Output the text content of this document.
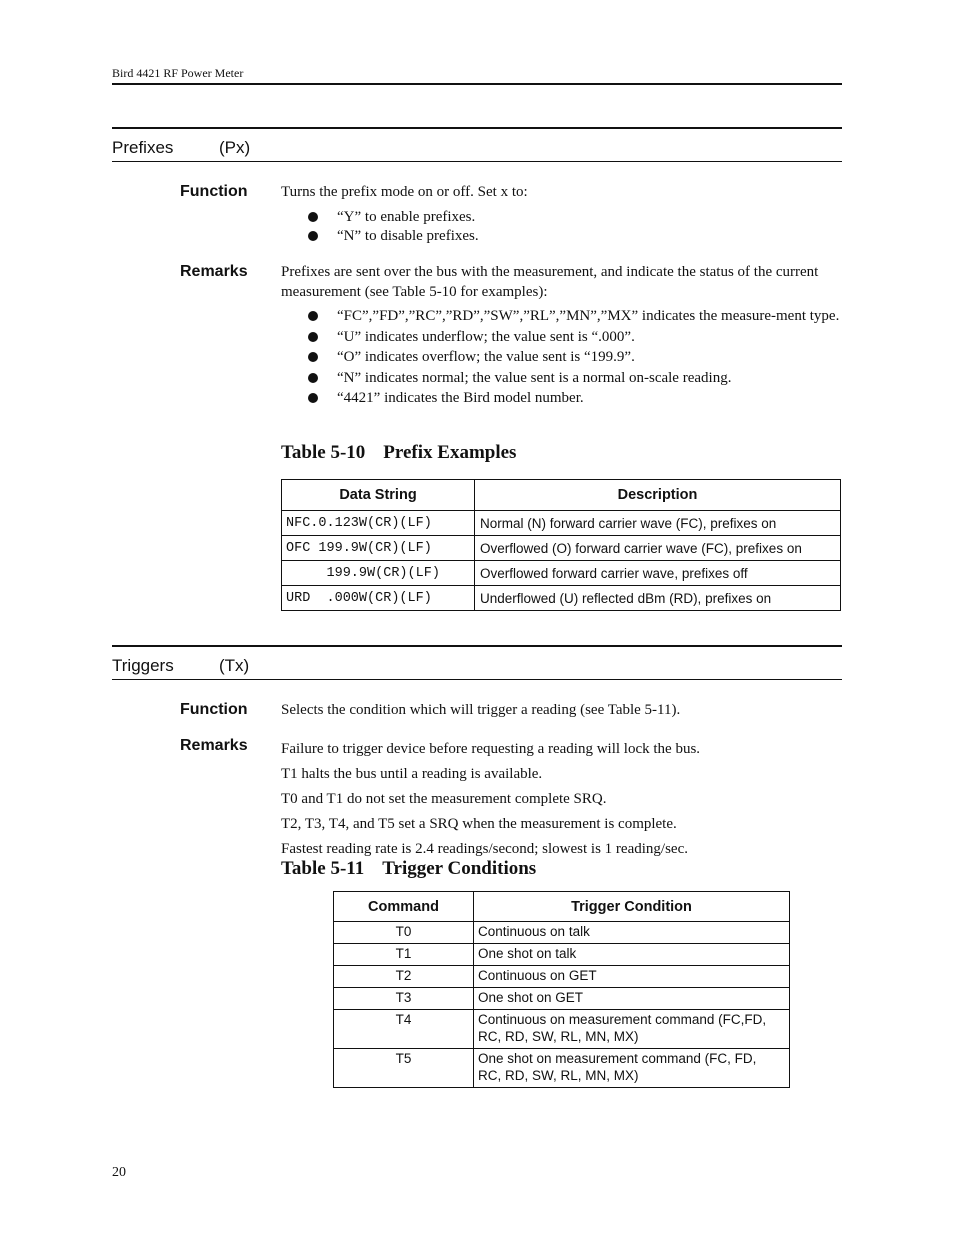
Bird 4421 RF Power Meter
Prefixes	(Px)
Function Turns the prefix mode on or off. Set x to:
“Y” to enable prefixes.
“N” to disable prefixes.
Remarks Prefixes are sent over the bus with the measurement, and indicate the status of the current measurement (see Table 5-10 for examples):
“FC”,”FD”,”RC”,”RD”,”SW”,”RL”,”MN”,”MX” indicates the measure-ment type.
“U” indicates underflow; the value sent is “.000”.
“O” indicates overflow; the value sent is “199.9”.
“N” indicates normal; the value sent is a normal on-scale reading.
“4421” indicates the Bird model number.
Table 5-10 Prefix Examples
Data String	Description
NFC.0.123W(CR)(LF)	Normal (N) forward carrier wave (FC), prefixes on
OFC 199.9W(CR)(LF)	Overflowed (O) forward carrier wave (FC), prefixes on
199.9W(CR)(LF)	Overflowed forward carrier wave, prefixes off
URD  .000W(CR)(LF)	Underflowed (U) reflected dBm (RD), prefixes on
Triggers	(Tx)
Function Selects the condition which will trigger a reading (see Table 5-11).
Remarks Failure to trigger device before requesting a reading will lock the bus.
T1 halts the bus until a reading is available.
T0 and T1 do not set the measurement complete SRQ.
T2, T3, T4, and T5 set a SRQ when the measurement is complete.
Fastest reading rate is 2.4 readings/second; slowest is 1 reading/sec.
Table 5-11 Trigger Conditions
Command	Trigger Condition
T0	Continuous on talk
T1	One shot on talk
T2	Continuous on GET
T3	One shot on GET
T4	Continuous on measurement command (FC,FD, RC, RD, SW, RL, MN, MX)
T5	One shot on measurement command (FC, FD, RC, RD, SW, RL, MN, MX)
20
